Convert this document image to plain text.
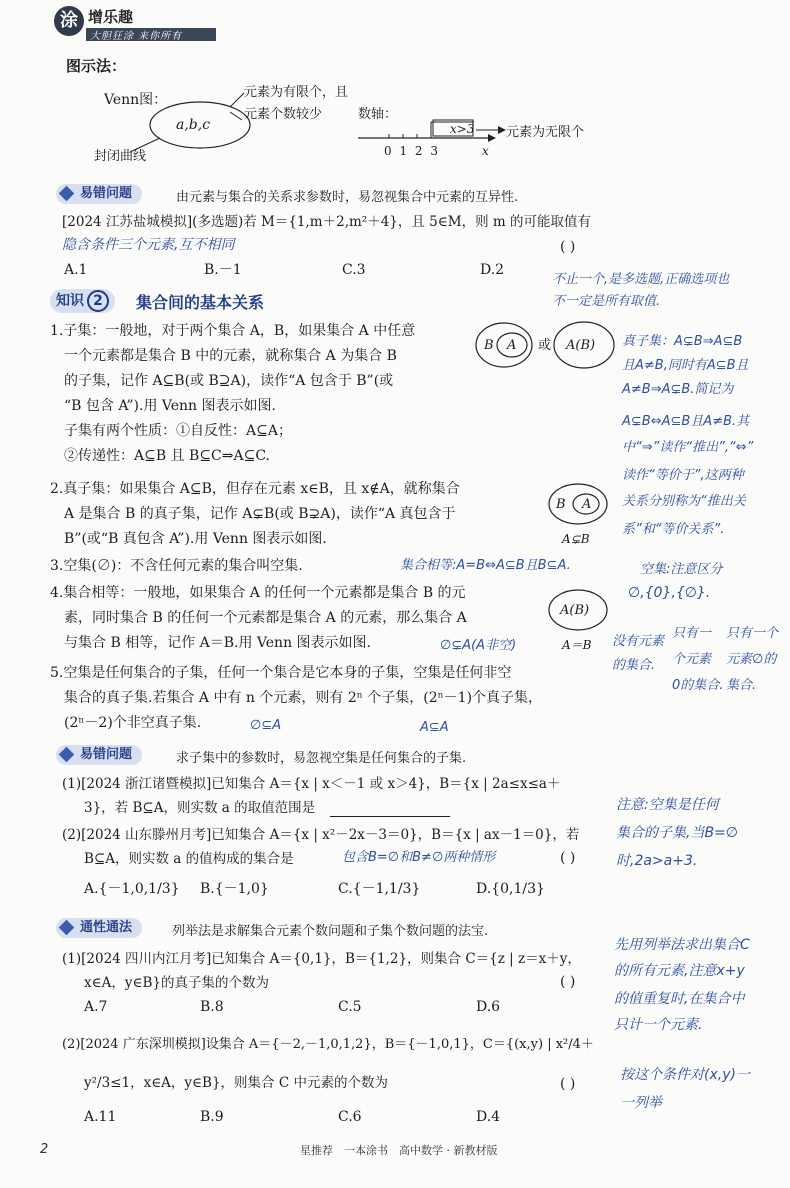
涂 增乐趣
大胆狂涂 来你所有
图示法：
Venn图：
a,b,c
元素为有限个，且
元素个数较少
封闭曲线
数轴：
x>3
0 1 2 3	x
元素为无限个
易错问题	由元素与集合的关系求参数时，易忽视集合中元素的互异性.
[2024 江苏盐城模拟](多选题)若 M＝{1,m＋2,m²＋4}，且 5∈M，则 m 的可能取值有
隐含条件三个元素,互不相同	( )
A.1	B.－1	C.3	D.2
不止一个,是多选题,正确选项也
不一定是所有取值.
知识 2	集合间的基本关系
1.子集：一般地，对于两个集合 A，B，如果集合 A 中任意
一个元素都是集合 B 中的元素，就称集合 A 为集合 B
的子集，记作 A⊆B(或 B⊇A)，读作“A 包含于 B”(或
“B 包含 A”).用 Venn 图表示如图.
子集有两个性质：①自反性：A⊆A；
②传递性：A⊆B 且 B⊆C⇒A⊆C.
B A 或 A(B) 真子集：A⊊B⇒A⊆B
且A≠B,同时有A⊆B且
A≠B⇒A⊊B.简记为
A⊊B⇔A⊆B且A≠B.其
中“⇒”读作“推出”,“⇔”
读作“等价于”,这两种
关系分别称为“推出关
系”和“等价关系”.
2.真子集：如果集合 A⊆B，但存在元素 x∈B，且 x∉A，就称集合
A 是集合 B 的真子集，记作 A⊊B(或 B⊋A)，读作“A 真包含于
B”(或“B 真包含 A”).用 Venn 图表示如图.
B A
A⊊B
3.空集(∅)：不含任何元素的集合叫空集.	集合相等:A=B⇔A⊆B且B⊆A.	空集:注意区分
∅,{0},{∅}.
4.集合相等：一般地，如果集合 A 的任何一个元素都是集合 B 的元
素，同时集合 B 的任何一个元素都是集合 A 的元素，那么集合 A
与集合 B 相等，记作 A＝B.用 Venn 图表示如图.
A(B)
A＝B
∅⊊A(A非空)	没有元素
的集合.
只有一
个元素
0的集合.
只有一个
元素∅的
集合.
5.空集是任何集合的子集，任何一个集合是它本身的子集，空集是任何非空
集合的真子集.若集合 A 中有 n 个元素，则有 2ⁿ 个子集，(2ⁿ－1)个真子集，
(2ⁿ－2)个非空真子集.	∅⊆A	A⊆A
易错问题	求子集中的参数时，易忽视空集是任何集合的子集.
(1)[2024 浙江诸暨模拟]已知集合 A＝{x | x＜－1 或 x＞4}，B＝{x | 2a≤x≤a＋
3}，若 B⊆A，则实数 a 的取值范围是
(2)[2024 山东滕州月考]已知集合 A＝{x | x²－2x－3＝0}，B＝{x | ax－1＝0}，若
B⊆A，则实数 a 的值构成的集合是	包含B=∅和B≠∅两种情形	( )
A.{－1,0,1/3} B.{－1,0}	C.{－1,1/3}	D.{0,1/3}
注意:空集是任何
集合的子集,当B=∅
时,2a>a+3.
通性通法	列举法是求解集合元素个数问题和子集个数问题的法宝.
(1)[2024 四川内江月考]已知集合 A＝{0,1}，B＝{1,2}，则集合 C＝{z | z＝x＋y，
x∈A，y∈B}的真子集的个数为	( )
A.7	B.8	C.5	D.6
(2)[2024 广东深圳模拟]设集合 A＝{－2,－1,0,1,2}，B＝{－1,0,1}，C＝{(x,y) | x²/4＋
y²/3≤1，x∈A，y∈B}，则集合 C 中元素的个数为	( )
A.11	B.9	C.6	D.4
先用列举法求出集合C
的所有元素,注意x+y
的值重复时,在集合中
只计一个元素.
按这个条件对(x,y)一
一列举
2	星推荐　一本涂书　高中数学 · 新教材版
